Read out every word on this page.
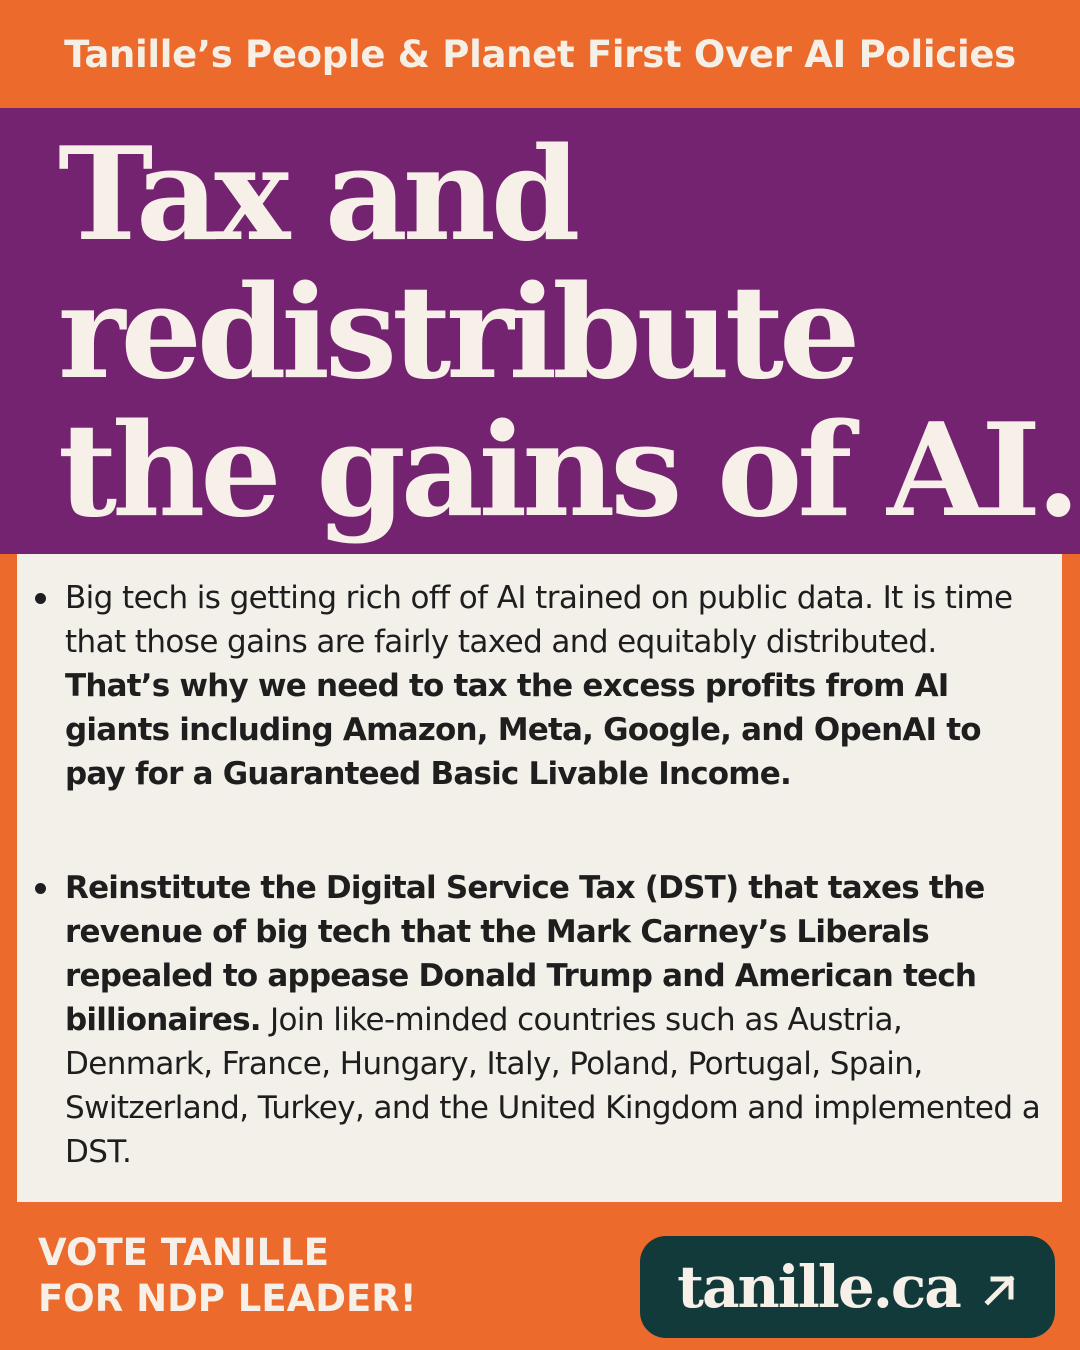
Tanille’s People & Planet First Over AI Policies
Tax and
redistribute
the gains of AI.
Big tech is getting rich off of AI trained on public data. It is time that those gains are fairly taxed and equitably distributed. That’s why we need to tax the excess profits from AI giants including Amazon, Meta, Google, and OpenAI to pay for a Guaranteed Basic Livable Income.
Reinstitute the Digital Service Tax (DST) that taxes the revenue of big tech that the Mark Carney’s Liberals repealed to appease Donald Trump and American tech billionaires. Join like-minded countries such as Austria, Denmark, France, Hungary, Italy, Poland, Portugal, Spain, Switzerland, Turkey, and the United Kingdom and implemented a DST.
VOTE TANILLE
FOR NDP LEADER!	tanille.ca
